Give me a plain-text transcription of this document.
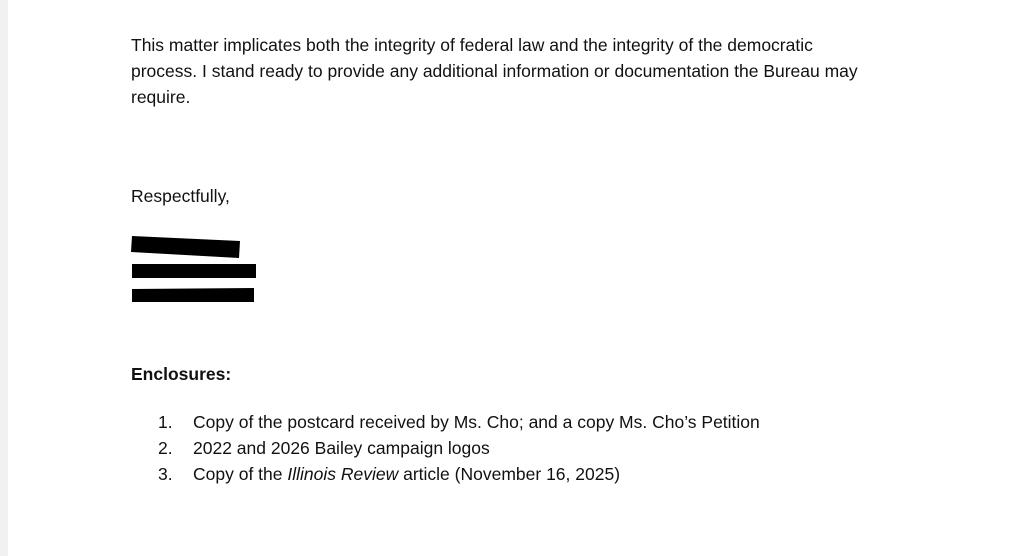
This matter implicates both the integrity of federal law and the integrity of the democratic
process. I stand ready to provide any additional information or documentation the Bureau may
require.

Respectfully,

Enclosures:

1. Copy of the postcard received by Ms. Cho; and a copy Ms. Cho’s Petition
2. 2022 and 2026 Bailey campaign logos
3. Copy of the Illinois Review article (November 16, 2025)
